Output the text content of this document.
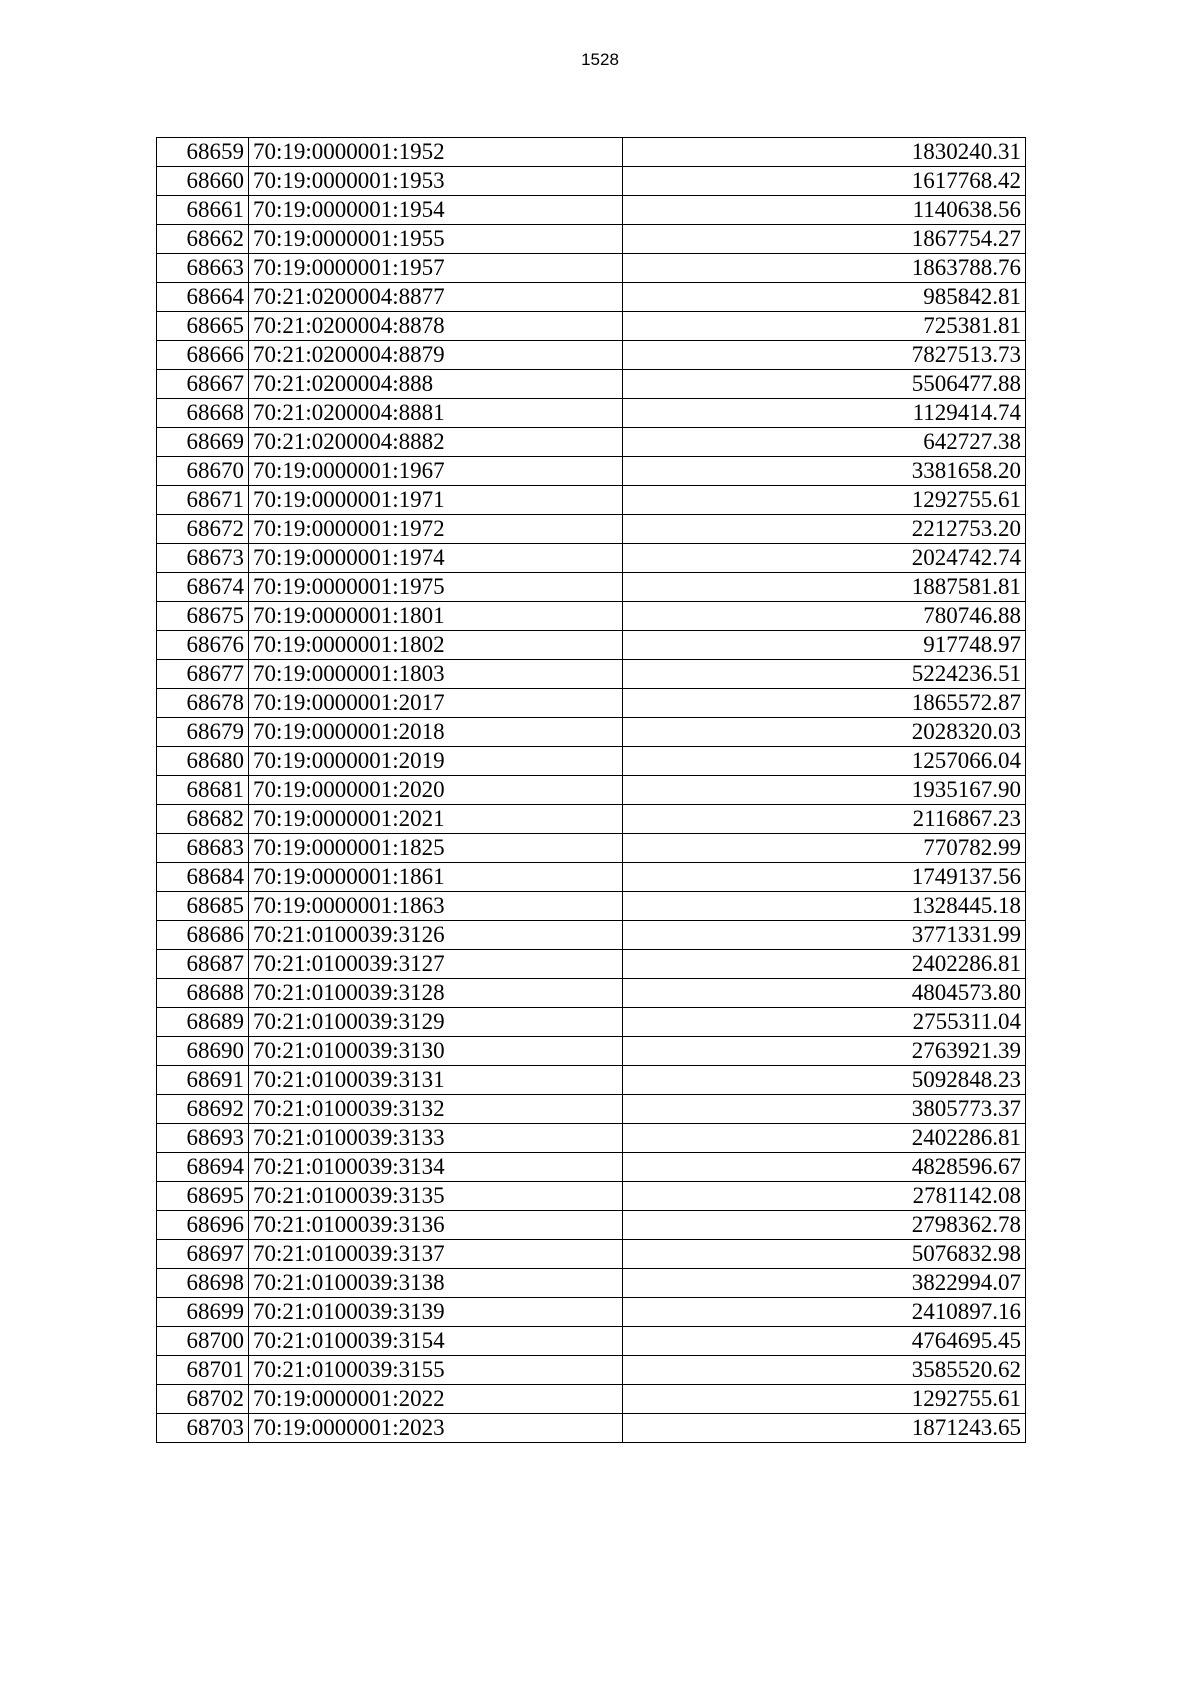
1528
68659	70:19:0000001:1952	1830240.31
68660	70:19:0000001:1953	1617768.42
68661	70:19:0000001:1954	1140638.56
68662	70:19:0000001:1955	1867754.27
68663	70:19:0000001:1957	1863788.76
68664	70:21:0200004:8877	985842.81
68665	70:21:0200004:8878	725381.81
68666	70:21:0200004:8879	7827513.73
68667	70:21:0200004:888	5506477.88
68668	70:21:0200004:8881	1129414.74
68669	70:21:0200004:8882	642727.38
68670	70:19:0000001:1967	3381658.20
68671	70:19:0000001:1971	1292755.61
68672	70:19:0000001:1972	2212753.20
68673	70:19:0000001:1974	2024742.74
68674	70:19:0000001:1975	1887581.81
68675	70:19:0000001:1801	780746.88
68676	70:19:0000001:1802	917748.97
68677	70:19:0000001:1803	5224236.51
68678	70:19:0000001:2017	1865572.87
68679	70:19:0000001:2018	2028320.03
68680	70:19:0000001:2019	1257066.04
68681	70:19:0000001:2020	1935167.90
68682	70:19:0000001:2021	2116867.23
68683	70:19:0000001:1825	770782.99
68684	70:19:0000001:1861	1749137.56
68685	70:19:0000001:1863	1328445.18
68686	70:21:0100039:3126	3771331.99
68687	70:21:0100039:3127	2402286.81
68688	70:21:0100039:3128	4804573.80
68689	70:21:0100039:3129	2755311.04
68690	70:21:0100039:3130	2763921.39
68691	70:21:0100039:3131	5092848.23
68692	70:21:0100039:3132	3805773.37
68693	70:21:0100039:3133	2402286.81
68694	70:21:0100039:3134	4828596.67
68695	70:21:0100039:3135	2781142.08
68696	70:21:0100039:3136	2798362.78
68697	70:21:0100039:3137	5076832.98
68698	70:21:0100039:3138	3822994.07
68699	70:21:0100039:3139	2410897.16
68700	70:21:0100039:3154	4764695.45
68701	70:21:0100039:3155	3585520.62
68702	70:19:0000001:2022	1292755.61
68703	70:19:0000001:2023	1871243.65
